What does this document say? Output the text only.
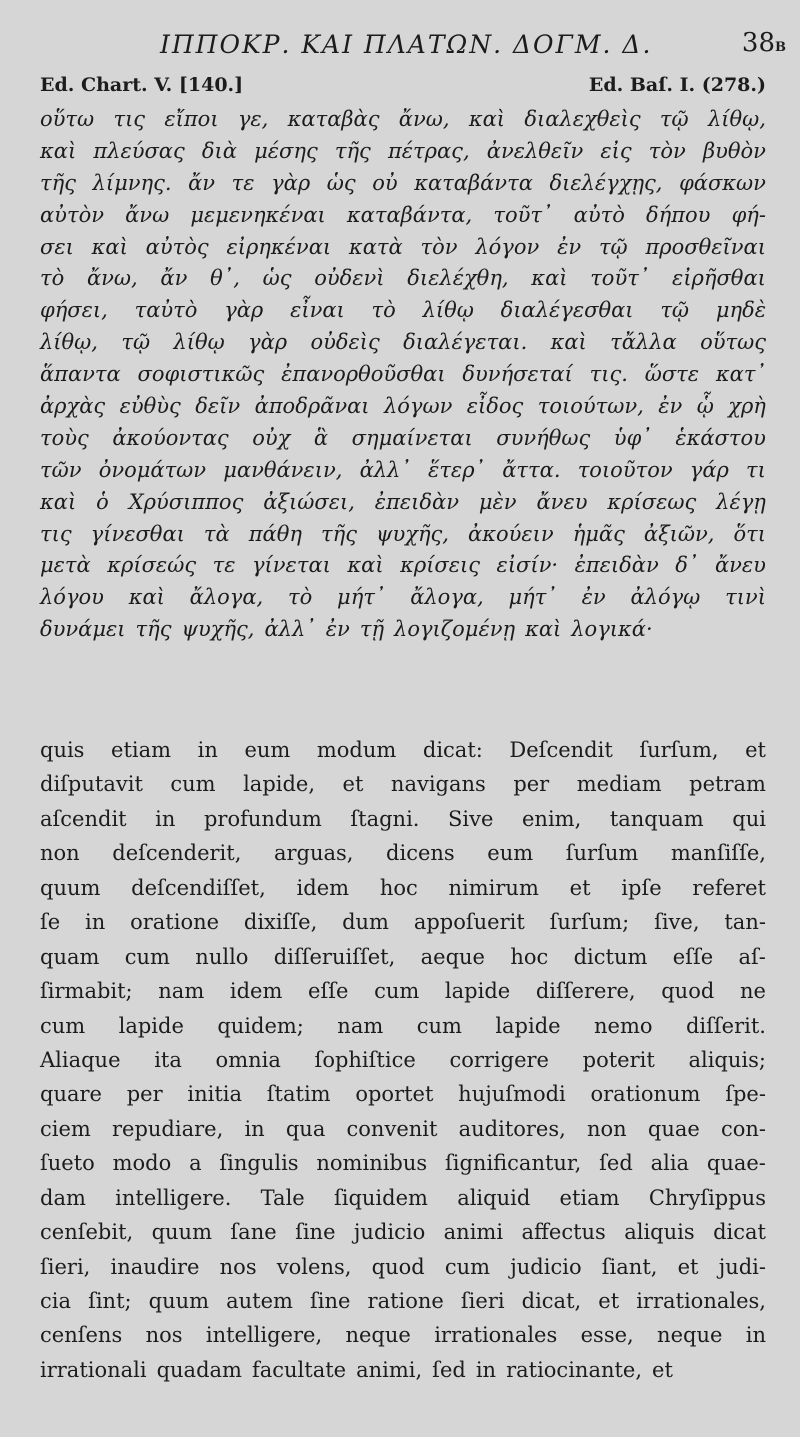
ΙΠΠΟΚΡ. ΚΑΙ ΠΛΑΤΩΝ. ΔΟΓΜ. Δ.	38B
Ed. Chart. V. [140.]	Ed. Baſ. I. (278.)
οὕτω τις εἴποι γε, καταβὰς ἄνω, καὶ διαλεχθεὶς τῷ λίθῳ,
καὶ πλεύσας διὰ μέσης τῆς πέτρας, ἀνελθεῖν εἰς τὸν βυθὸν
τῆς λίμνης. ἄν τε γὰρ ὡς οὐ καταβάντα διελέγχῃς, φάσκων
αὐτὸν ἄνω μεμενηκέναι καταβάντα, τοῦτ᾽ αὐτὸ δήπου φή-
σει καὶ αὐτὸς εἰρηκέναι κατὰ τὸν λόγον ἐν τῷ προσθεῖναι
τὸ ἄνω, ἄν θ᾽, ὡς οὐδενὶ διελέχθη, καὶ τοῦτ᾽ εἰρῆσθαι
φήσει, ταὐτὸ γὰρ εἶναι τὸ λίθῳ διαλέγεσθαι τῷ μηδὲ
λίθῳ, τῷ λίθῳ γὰρ οὐδεὶς διαλέγεται. καὶ τἄλλα οὕτως
ἅπαντα σοφιστικῶς ἐπανορθοῦσθαι δυνήσεταί τις. ὥστε κατ᾽
ἀρχὰς εὐθὺς δεῖν ἀποδρᾶναι λόγων εἶδος τοιούτων, ἐν ᾧ χρὴ
τοὺς ἀκούοντας οὐχ ἃ σημαίνεται συνήθως ὑφ᾽ ἑκάστου
τῶν ὀνομάτων μανθάνειν, ἀλλ᾽ ἕτερ᾽ ἄττα. τοιοῦτον γάρ τι
καὶ ὁ Χρύσιππος ἀξιώσει, ἐπειδὰν μὲν ἄνευ κρίσεως λέγῃ
τις γίνεσθαι τὰ πάθη τῆς ψυχῆς, ἀκούειν ἡμᾶς ἀξιῶν, ὅτι
μετὰ κρίσεώς τε γίνεται καὶ κρίσεις εἰσίν· ἐπειδὰν δ᾽ ἄνευ
λόγου καὶ ἄλογα, τὸ μήτ᾽ ἄλογα, μήτ᾽ ἐν ἀλόγῳ τινὶ
δυνάμει τῆς ψυχῆς, ἀλλ᾽ ἐν τῇ λογιζομένῃ καὶ λογικά·
quis etiam in eum modum dicat: Deſcendit ſurſum, et
diſputavit cum lapide, et navigans per mediam petram
aſcendit in profundum ſtagni. Sive enim, tanquam qui
non deſcenderit, arguas, dicens eum ſurſum manſiſſe,
quum deſcendiſſet, idem hoc nimirum et ipſe referet
ſe in oratione dixiſſe, dum appoſuerit ſurſum; ſive, tan-
quam cum nullo diſſeruiſſet, aeque hoc dictum eſſe aſ-
ſirmabit; nam idem eſſe cum lapide diſſerere, quod ne
cum lapide quidem; nam cum lapide nemo diſſerit.
Aliaque ita omnia ſophiſtice corrigere poterit aliquis;
quare per initia ſtatim oportet hujuſmodi orationum ſpe-
ciem repudiare, in qua convenit auditores, non quae con-
ſueto modo a ſingulis nominibus ſignificantur, ſed alia quae-
dam intelligere. Tale ſiquidem aliquid etiam Chryſippus
cenſebit, quum ſane ſine judicio animi affectus aliquis dicat
ſieri, inaudire nos volens, quod cum judicio ſiant, et judi-
cia ſint; quum autem ſine ratione ſieri dicat, et irrationales,
cenſens nos intelligere, neque irrationales esse, neque in
irrationali quadam facultate animi, ſed in ratiocinante, et
